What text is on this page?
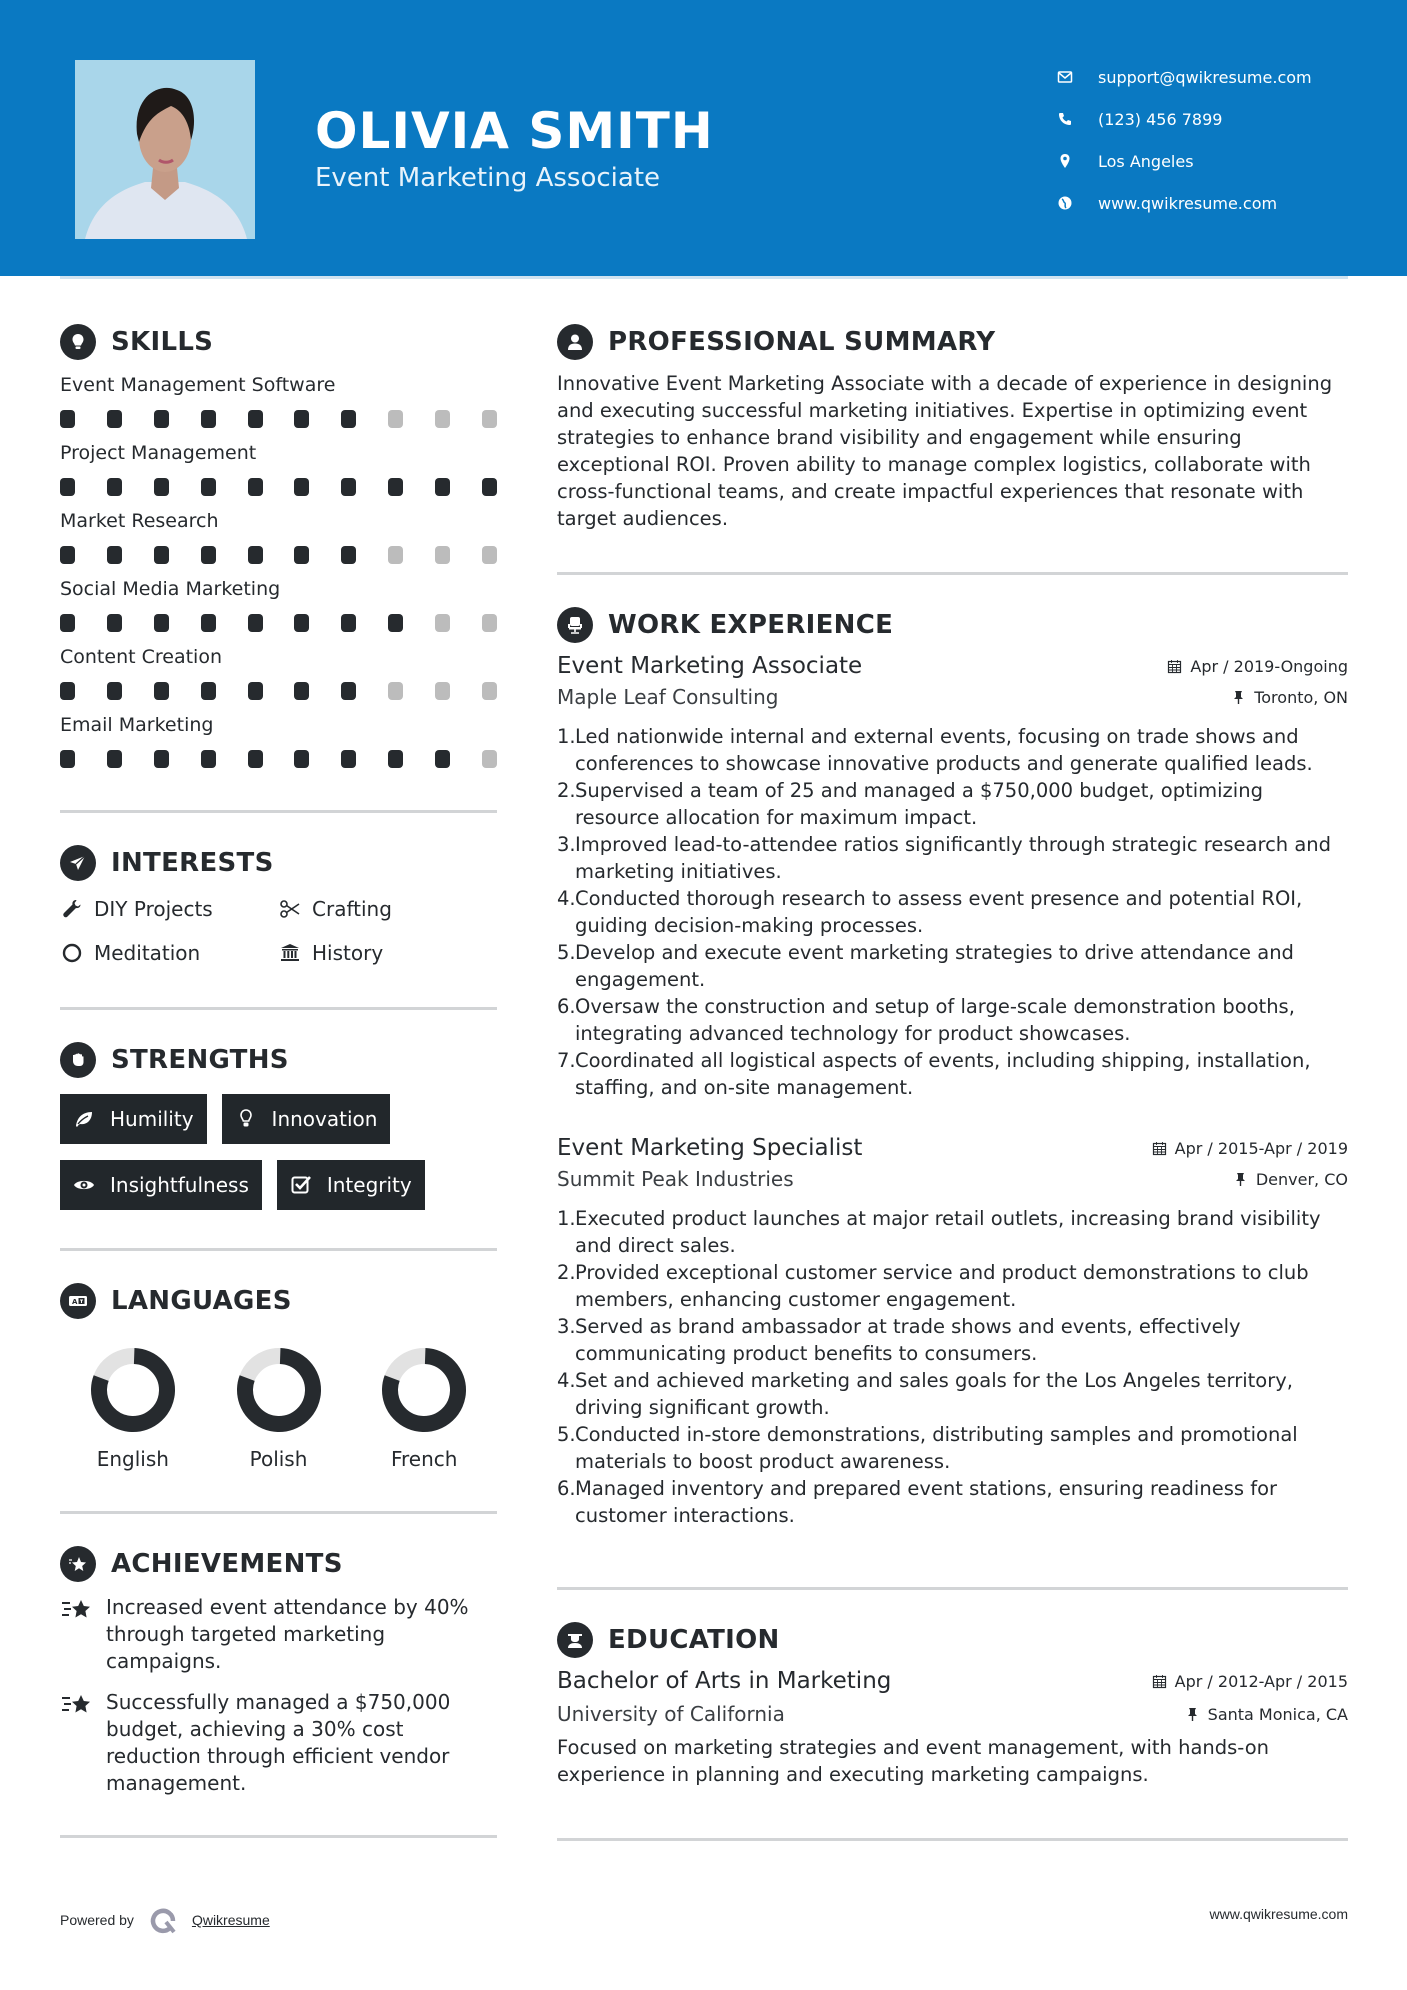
OLIVIA SMITH
Event Marketing Associate
support@qwikresume.com
(123) 456 7899
Los Angeles
www.qwikresume.com
SKILLS
Event Management Software
Project Management
Market Research
Social Media Marketing
Content Creation
Email Marketing
INTERESTS
DIY Projects	Crafting
Meditation	History
STRENGTHS
Humility	Innovation
Insightfulness	Integrity
A LANGUAGES
English	Polish	French
ACHIEVEMENTS
Increased event attendance by 40% through targeted marketing campaigns.
Successfully managed a $750,000 budget, achieving a 30% cost reduction through efficient vendor management.
PROFESSIONAL SUMMARY

Innovative Event Marketing Associate with a decade of experience in designing and executing successful marketing initiatives. Expertise in optimizing event strategies to enhance brand visibility and engagement while ensuring exceptional ROI. Proven ability to manage complex logistics, collaborate with cross-functional teams, and create impactful experiences that resonate with target audiences.

WORK EXPERIENCE
Event Marketing Associate	Apr / 2019-Ongoing
Maple Leaf Consulting	Toronto, ON
1. Led nationwide internal and external events, focusing on trade shows and conferences to showcase innovative products and generate qualified leads.
2. Supervised a team of 25 and managed a $750,000 budget, optimizing resource allocation for maximum impact.
3. Improved lead-to-attendee ratios significantly through strategic research and marketing initiatives.
4. Conducted thorough research to assess event presence and potential ROI, guiding decision-making processes.
5. Develop and execute event marketing strategies to drive attendance and engagement.
6. Oversaw the construction and setup of large-scale demonstration booths, integrating advanced technology for product showcases.
7. Coordinated all logistical aspects of events, including shipping, installation, staffing, and on-site management.
Event Marketing Specialist	Apr / 2015-Apr / 2019
Summit Peak Industries	Denver, CO
1. Executed product launches at major retail outlets, increasing brand visibility and direct sales.
2. Provided exceptional customer service and product demonstrations to club members, enhancing customer engagement.
3. Served as brand ambassador at trade shows and events, effectively communicating product benefits to consumers.
4. Set and achieved marketing and sales goals for the Los Angeles territory, driving significant growth.
5. Conducted in-store demonstrations, distributing samples and promotional materials to boost product awareness.
6. Managed inventory and prepared event stations, ensuring readiness for customer interactions.
EDUCATION
Bachelor of Arts in Marketing	Apr / 2012-Apr / 2015
University of California	Santa Monica, CA

Focused on marketing strategies and event management, with hands-on experience in planning and executing marketing campaigns.

Powered by	Qwikresume	www.qwikresume.com
